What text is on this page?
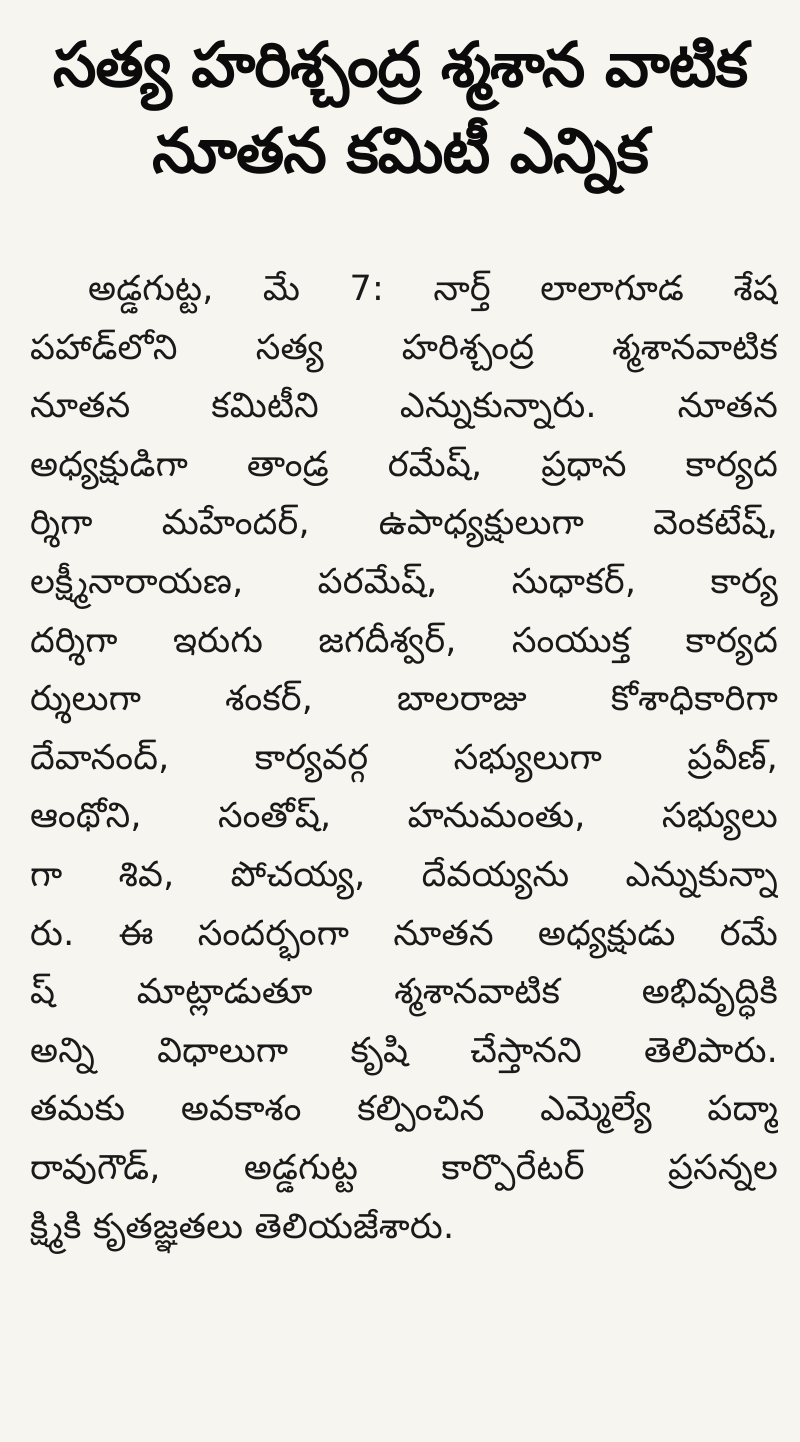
సత్య హరిశ్చంద్ర శ్మశాన వాటిక
నూతన కమిటీ ఎన్నిక
అడ్డగుట్ట, మే 7: నార్త్ లాలాగూడ శేష
పహాడ్‌లోని సత్య హరిశ్చంద్ర శ్మశానవాటిక
నూతన కమిటీని ఎన్నుకున్నారు. నూతన
అధ్యక్షుడిగా తాండ్ర రమేష్, ప్రధాన కార్యద
ర్శిగా మహేందర్, ఉపాధ్యక్షులుగా వెంకటేష్,
లక్ష్మీనారాయణ, పరమేష్, సుధాకర్, కార్య
దర్శిగా ఇరుగు జగదీశ్వర్, సంయుక్త కార్యద
ర్శులుగా శంకర్, బాలరాజు కోశాధికారిగా
దేవానంద్, కార్యవర్గ సభ్యులుగా ప్రవీణ్,
ఆంథోని, సంతోష్, హనుమంతు, సభ్యులు
గా శివ, పోచయ్య, దేవయ్యను ఎన్నుకున్నా
రు. ఈ సందర్భంగా నూతన అధ్యక్షుడు రమే
ష్ మాట్లాడుతూ శ్మశానవాటిక అభివృద్ధికి
అన్ని విధాలుగా కృషి చేస్తానని తెలిపారు.
తమకు అవకాశం కల్పించిన ఎమ్మెల్యే పద్మా
రావుగౌడ్, అడ్డగుట్ట కార్పొరేటర్ ప్రసన్నల
క్ష్మికి కృతజ్ఞతలు తెలియజేశారు.
